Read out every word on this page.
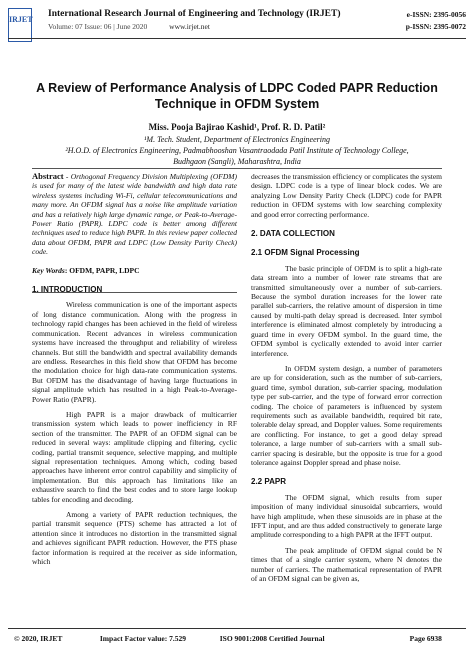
IRJET
International Research Journal of Engineering and Technology (IRJET)
Volume: 07 Issue: 06 | June 2020	www.irjet.net
e-ISSN: 2395-0056
p-ISSN: 2395-0072
A Review of Performance Analysis of LDPC Coded PAPR Reduction Technique in OFDM System
Miss. Pooja Bajirao Kashid¹, Prof. R. D. Patil²
¹M. Tech. Student, Department of Electronics Engineering
²H.O.D. of Electronics Engineering, Padmabhooshan Vasantraodada Patil Institute of Technology College,
Budhgaon (Sangli), Maharashtra, India

Abstract - Orthogonal Frequency Division Multiplexing (OFDM) is used for many of the latest wide bandwidth and high data rate wireless systems including Wi-Fi, cellular telecommunications and many more. An OFDM signal has a noise like amplitude variation and has a relatively high large dynamic range, or Peak-to-Average-Power Ratio (PAPR). LDPC code is better among different techniques used to reduce high PAPR. In this review paper collected data about OFDM, PAPR and LDPC (Low Density Parity Check) code.

Key Words: OFDM, PAPR, LDPC

1. INTRODUCTION

Wireless communication is one of the important aspects of long distance communication. Along with the progress in technology rapid changes has been achieved in the field of wireless communication. Recent advances in wireless communication systems have increased the throughput and reliability of wireless channels. But still the bandwidth and spectral availability demands are endless. Researches in this field show that OFDM has become the modulation choice for high data-rate communication systems. But OFDM has the disadvantage of having large fluctuations in signal amplitude which has resulted in a high Peak-to-Average-Power Ratio (PAPR).

High PAPR is a major drawback of multicarrier transmission system which leads to power inefficiency in RF section of the transmitter. The PAPR of an OFDM signal can be reduced in several ways: amplitude clipping and filtering, cyclic coding, partial transmit sequence, selective mapping, and multiple signal representation techniques. Among which, coding based approaches have inherent error control capability and simplicity of implementation. But this approach has limitations like an exhaustive search to find the best codes and to store large lookup tables for encoding and decoding.

Among a variety of PAPR reduction techniques, the partial transmit sequence (PTS) scheme has attracted a lot of attention since it introduces no distortion in the transmitted signal and achieves significant PAPR reduction. However, the PTS phase factor information is required at the receiver as side information, which

decreases the transmission efficiency or complicates the system design. LDPC code is a type of linear block codes. We are analyzing Low Density Parity Check (LDPC) code for PAPR reduction in OFDM systems with low searching complexity and good error correcting performance.

2. DATA COLLECTION

2.1 OFDM Signal Processing

The basic principle of OFDM is to split a high-rate data stream into a number of lower rate streams that are transmitted simultaneously over a number of sub-carriers. Because the symbol duration increases for the lower rate parallel sub-carriers, the relative amount of dispersion in time caused by multi-path delay spread is decreased. Inter symbol interference is eliminated almost completely by introducing a guard time in every OFDM symbol. In the guard time, the OFDM symbol is cyclically extended to avoid inter carrier interference.

In OFDM system design, a number of parameters are up for consideration, such as the number of sub-carriers, guard time, symbol duration, sub-carrier spacing, modulation type per sub-carrier, and the type of forward error correction coding. The choice of parameters is influenced by system requirements such as available bandwidth, required bit rate, tolerable delay spread, and Doppler values. Some requirements are conflicting. For instance, to get a good delay spread tolerance, a large number of sub-carriers with a small sub-carrier spacing is desirable, but the opposite is true for a good tolerance against Doppler spread and phase noise.

2.2 PAPR

The OFDM signal, which results from super imposition of many individual sinusoidal subcarriers, would have high amplitude, when these sinusoids are in phase at the IFFT input, and are thus added constructively to generate large amplitude corresponding to a high PAPR at the IFFT output.

The peak amplitude of OFDM signal could be N times that of a single carrier system, where N denotes the number of carriers. The mathematical representation of PAPR of an OFDM signal can be given as,

© 2020, IRJET	Impact Factor value: 7.529	ISO 9001:2008 Certified Journal	Page 6938
